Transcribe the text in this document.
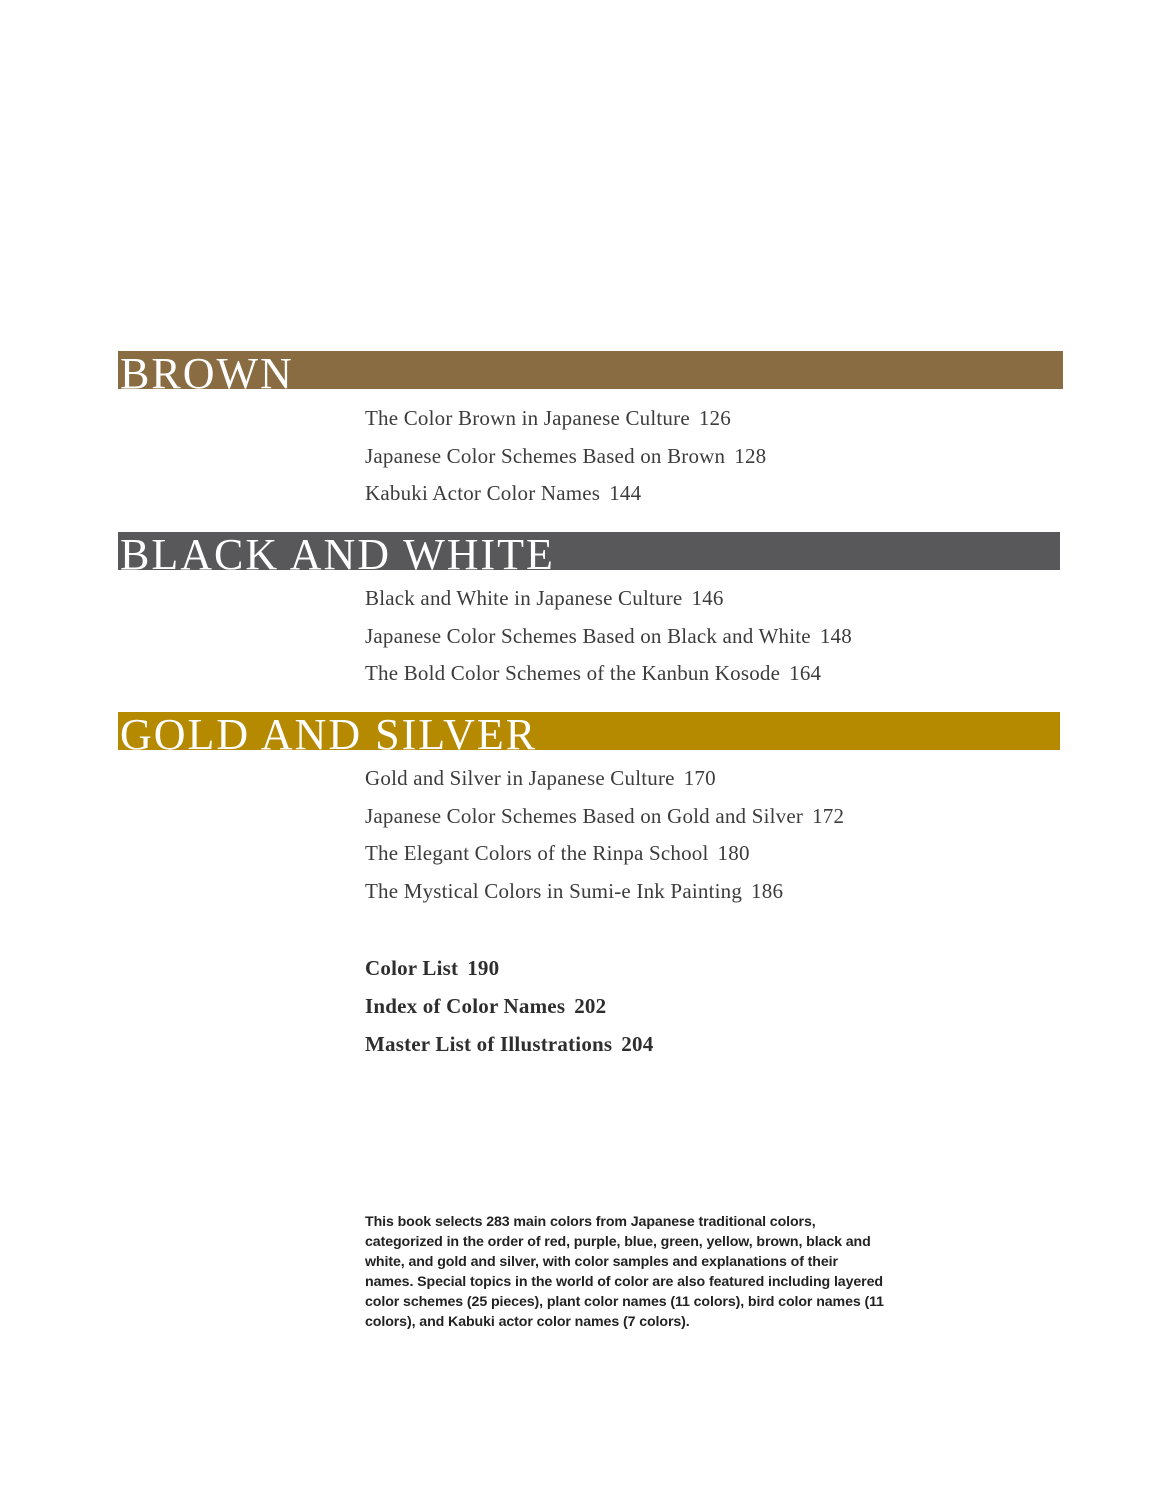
BROWN
The Color Brown in Japanese Culture 126
Japanese Color Schemes Based on Brown 128
Kabuki Actor Color Names 144
BLACK AND WHITE
Black and White in Japanese Culture 146
Japanese Color Schemes Based on Black and White 148
The Bold Color Schemes of the Kanbun Kosode 164
GOLD AND SILVER
Gold and Silver in Japanese Culture 170
Japanese Color Schemes Based on Gold and Silver 172
The Elegant Colors of the Rinpa School 180
The Mystical Colors in Sumi-e Ink Painting 186
Color List 190
Index of Color Names 202
Master List of Illustrations 204

This book selects 283 main colors from Japanese traditional colors, categorized in the order of red, purple, blue, green, yellow, brown, black and white, and gold and silver, with color samples and explanations of their names. Special topics in the world of color are also featured including layered color schemes (25 pieces), plant color names (11 colors), bird color names (11 colors), and Kabuki actor color names (7 colors).
